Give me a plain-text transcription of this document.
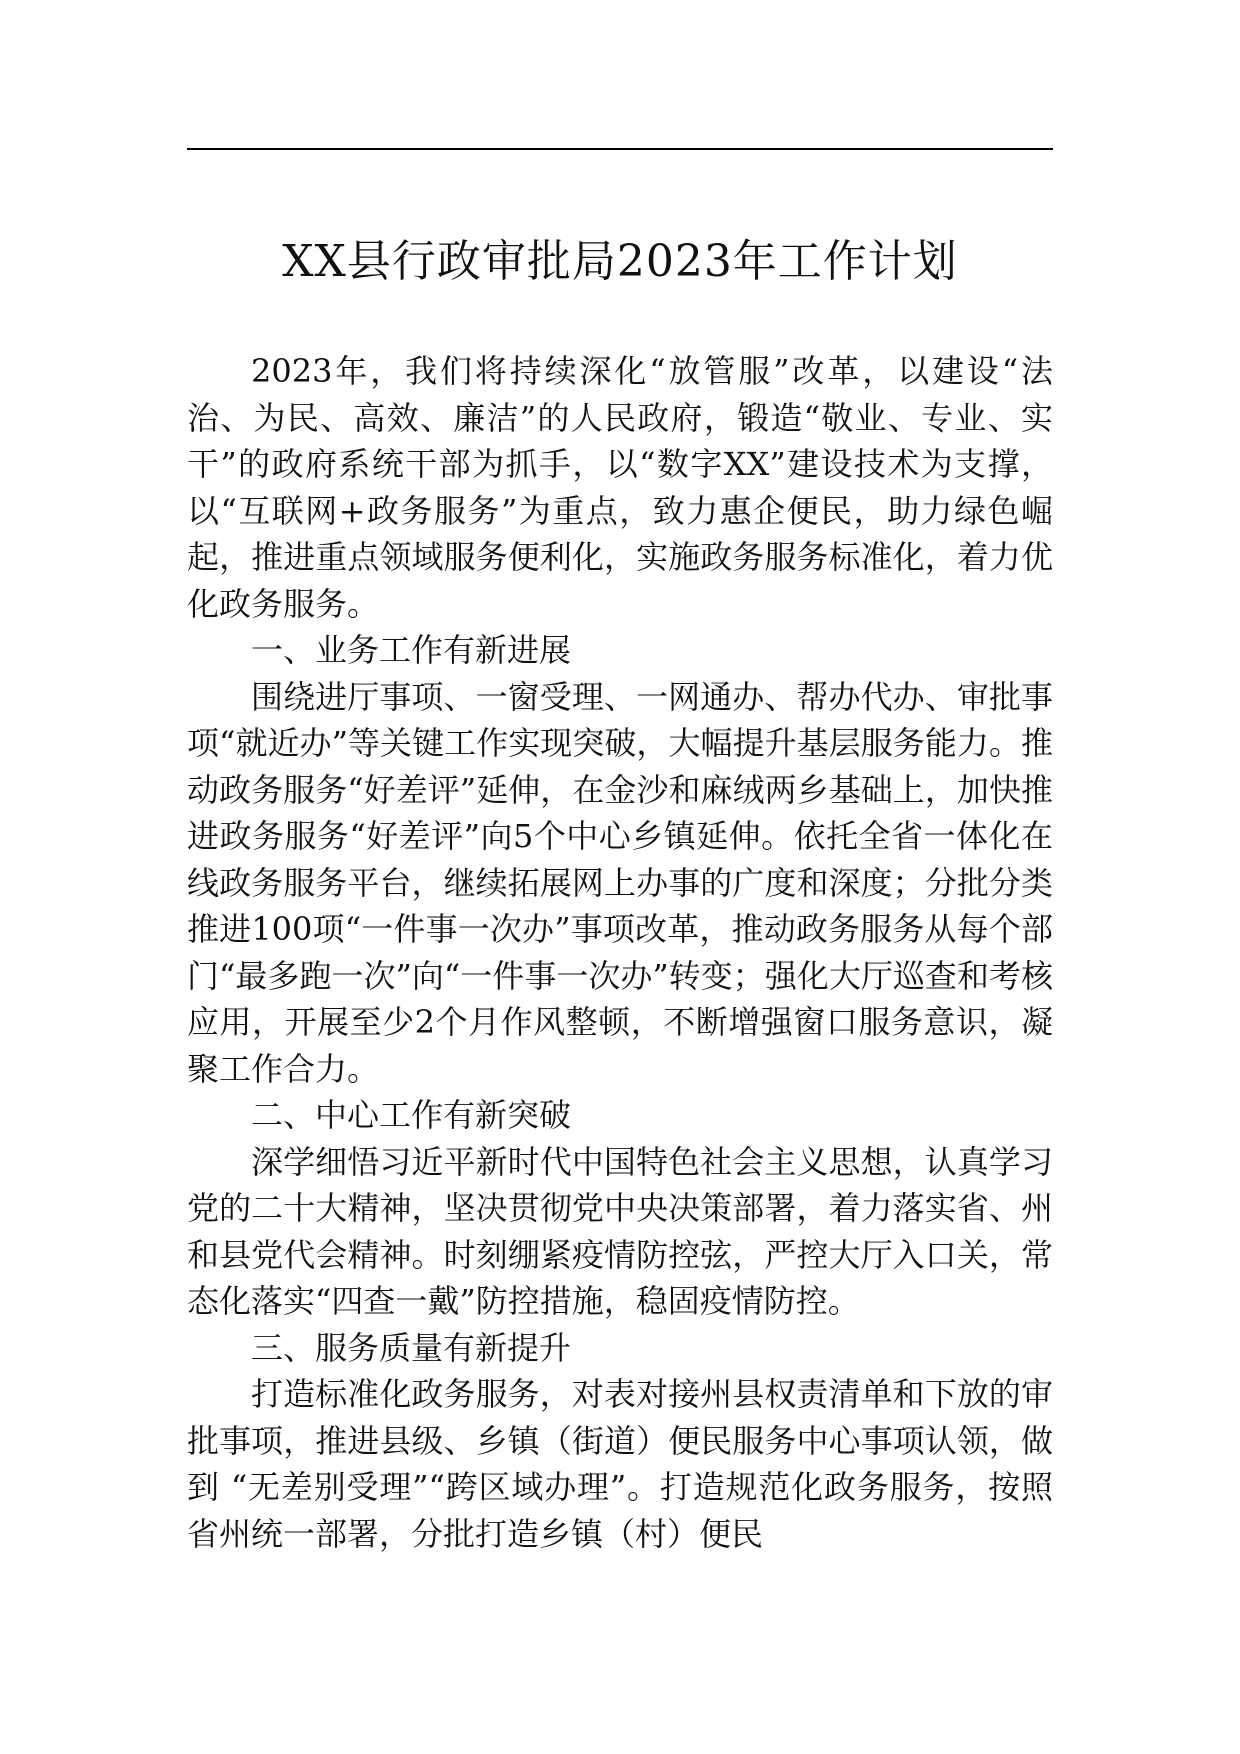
XX县行政审批局2023年工作计划

2023年，我们将持续深化“放管服”改革，以建设“法治、为民、高效、廉洁”的人民政府，锻造“敬业、专业、实干”的政府系统干部为抓手，以“数字XX”建设技术为支撑，以“互联网+政务服务”为重点，致力惠企便民，助力绿色崛起，推进重点领域服务便利化，实施政务服务标准化，着力优化政务服务。

一、业务工作有新进展

围绕进厅事项、一窗受理、一网通办、帮办代办、审批事项“就近办”等关键工作实现突破，大幅提升基层服务能力。推动政务服务“好差评”延伸，在金沙和麻绒两乡基础上，加快推进政务服务“好差评”向5个中心乡镇延伸。依托全省一体化在线政务服务平台，继续拓展网上办事的广度和深度；分批分类推进100项“一件事一次办”事项改革，推动政务服务从每个部门“最多跑一次”向“一件事一次办”转变；强化大厅巡查和考核应用，开展至少2个月作风整顿，不断增强窗口服务意识，凝聚工作合力。

二、中心工作有新突破

深学细悟习近平新时代中国特色社会主义思想，认真学习党的二十大精神，坚决贯彻党中央决策部署，着力落实省、州和县党代会精神。时刻绷紧疫情防控弦，严控大厅入口关，常态化落实“四查一戴”防控措施，稳固疫情防控。

三、服务质量有新提升

打造标准化政务服务，对表对接州县权责清单和下放的审批事项，推进县级、乡镇（街道）便民服务中心事项认领，做到 “无差别受理”“跨区域办理”。打造规范化政务服务，按照省州统一部署，分批打造乡镇（村）便民
